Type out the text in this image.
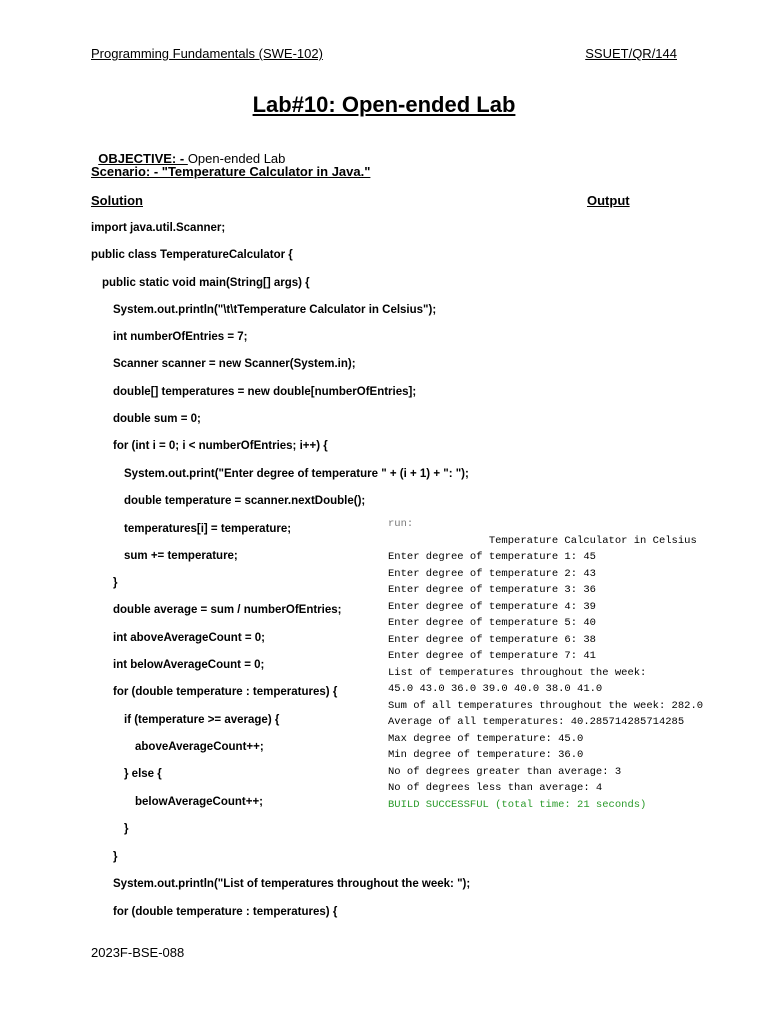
Programming Fundamentals (SWE-102)	SSUET/QR/144
Lab#10: Open-ended Lab

OBJECTIVE: - Open-ended Lab

Scenario: - "Temperature Calculator in Java."
Solution	Output
import java.util.Scanner;
public class TemperatureCalculator {
public static void main(String[] args) {
System.out.println("\t\tTemperature Calculator in Celsius");
int numberOfEntries = 7;
Scanner scanner = new Scanner(System.in);
double[] temperatures = new double[numberOfEntries];
double sum = 0;
for (int i = 0; i < numberOfEntries; i++) {
System.out.print("Enter degree of temperature " + (i + 1) + ": ");
double temperature = scanner.nextDouble();
temperatures[i] = temperature;
sum += temperature;
}
double average = sum / numberOfEntries;
int aboveAverageCount = 0;
int belowAverageCount = 0;
for (double temperature : temperatures) {
if (temperature >= average) {
aboveAverageCount++;
} else {
belowAverageCount++;
}
}
System.out.println("List of temperatures throughout the week: ");
for (double temperature : temperatures) {
run:
Temperature Calculator in Celsius
Enter degree of temperature 1: 45
Enter degree of temperature 2: 43
Enter degree of temperature 3: 36
Enter degree of temperature 4: 39
Enter degree of temperature 5: 40
Enter degree of temperature 6: 38
Enter degree of temperature 7: 41
List of temperatures throughout the week:
45.0 43.0 36.0 39.0 40.0 38.0 41.0
Sum of all temperatures throughout the week: 282.0
Average of all temperatures: 40.285714285714285
Max degree of temperature: 45.0
Min degree of temperature: 36.0
No of degrees greater than average: 3
No of degrees less than average: 4
BUILD SUCCESSFUL (total time: 21 seconds)
2023F-BSE-088
